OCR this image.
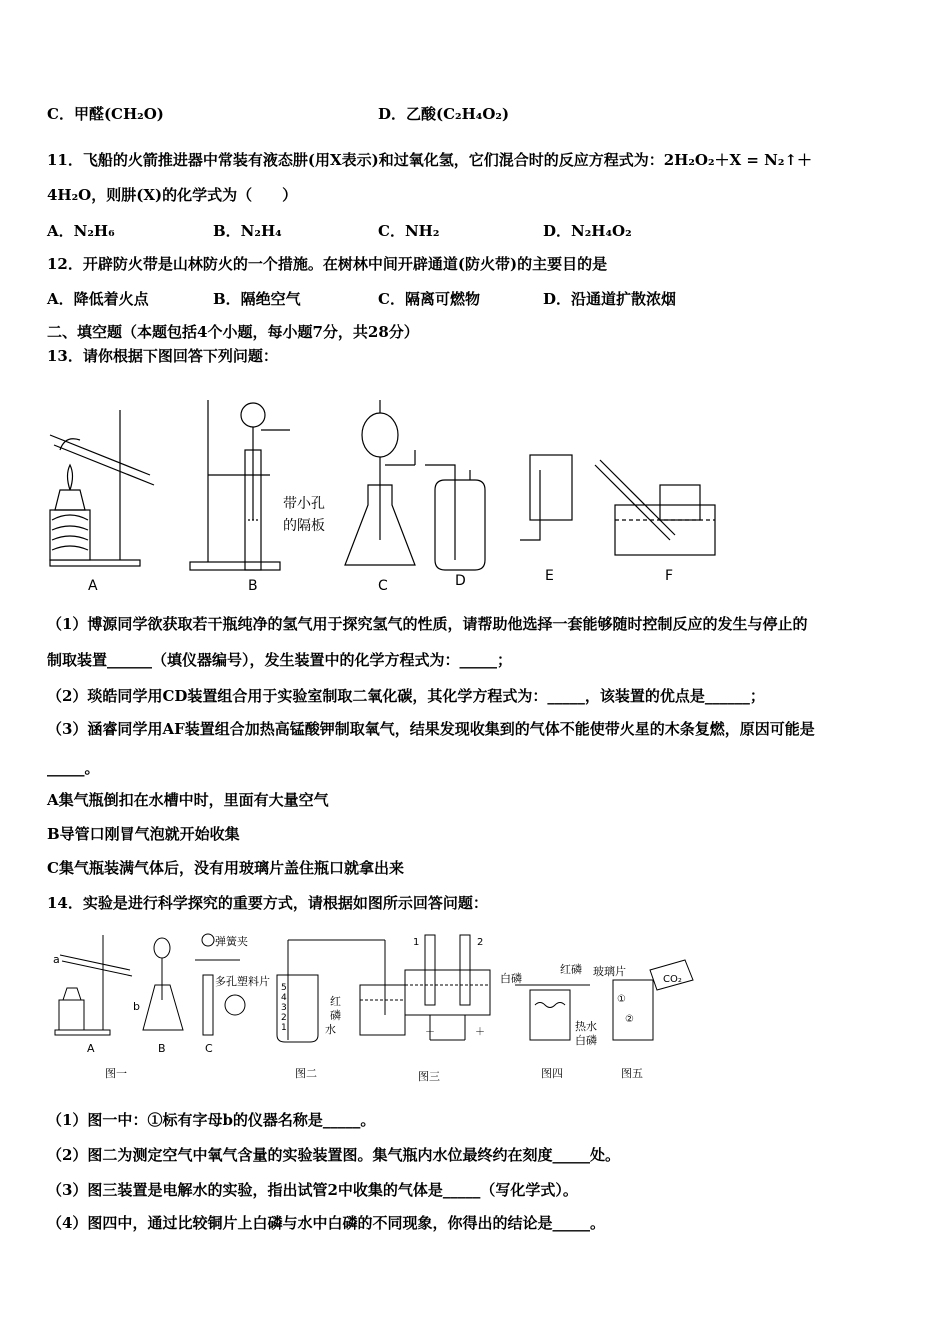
C．甲醛(CH₂O)	D．乙酸(C₂H₄O₂)
11．飞船的火箭推进器中常装有液态肼(用X表示)和过氧化氢，它们混合时的反应方程式为：2H₂O₂＋X = N₂↑＋
4H₂O，则肼(X)的化学式为（　　）
A．N₂H₆	B．N₂H₄	C．NH₂	D．N₂H₄O₂
12．开辟防火带是山林防火的一个措施。在树林中间开辟通道(防火带)的主要目的是
A．降低着火点	B．隔绝空气	C．隔离可燃物	D．沿通道扩散浓烟
二、填空题（本题包括4个小题，每小题7分，共28分）
13．请你根据下图回答下列问题：
A	B	C	D	E	F
带小孔
的隔板
（1）博源同学欲获取若干瓶纯净的氢气用于探究氢气的性质，请帮助他选择一套能够随时控制反应的发生与停止的
制取装置______（填仪器编号），发生装置中的化学方程式为：_____；
（2）琰皓同学用CD装置组合用于实验室制取二氧化碳，其化学方程式为：_____，该装置的优点是______；
（3）涵睿同学用AF装置组合加热高锰酸钾制取氧气，结果发现收集到的气体不能使带火星的木条复燃，原因可能是
_____。
A集气瓶倒扣在水槽中时，里面有大量空气
B导管口刚冒气泡就开始收集
C集气瓶装满气体后，没有用玻璃片盖住瓶口就拿出来
14．实验是进行科学探究的重要方式，请根据如图所示回答问题：
a
b
弹簧夹
多孔塑料片
A	B	C
5
4
3
2
1
红
磷
水
1	2
－	＋
白磷
红磷
热水
白磷
玻璃片
CO₂
①
②
图一	图二	图三	图四	图五
（1）图一中：①标有字母b的仪器名称是_____。
（2）图二为测定空气中氧气含量的实验装置图。集气瓶内水位最终约在刻度_____处。
（3）图三装置是电解水的实验，指出试管2中收集的气体是_____（写化学式）。
（4）图四中，通过比较铜片上白磷与水中白磷的不同现象，你得出的结论是_____。
